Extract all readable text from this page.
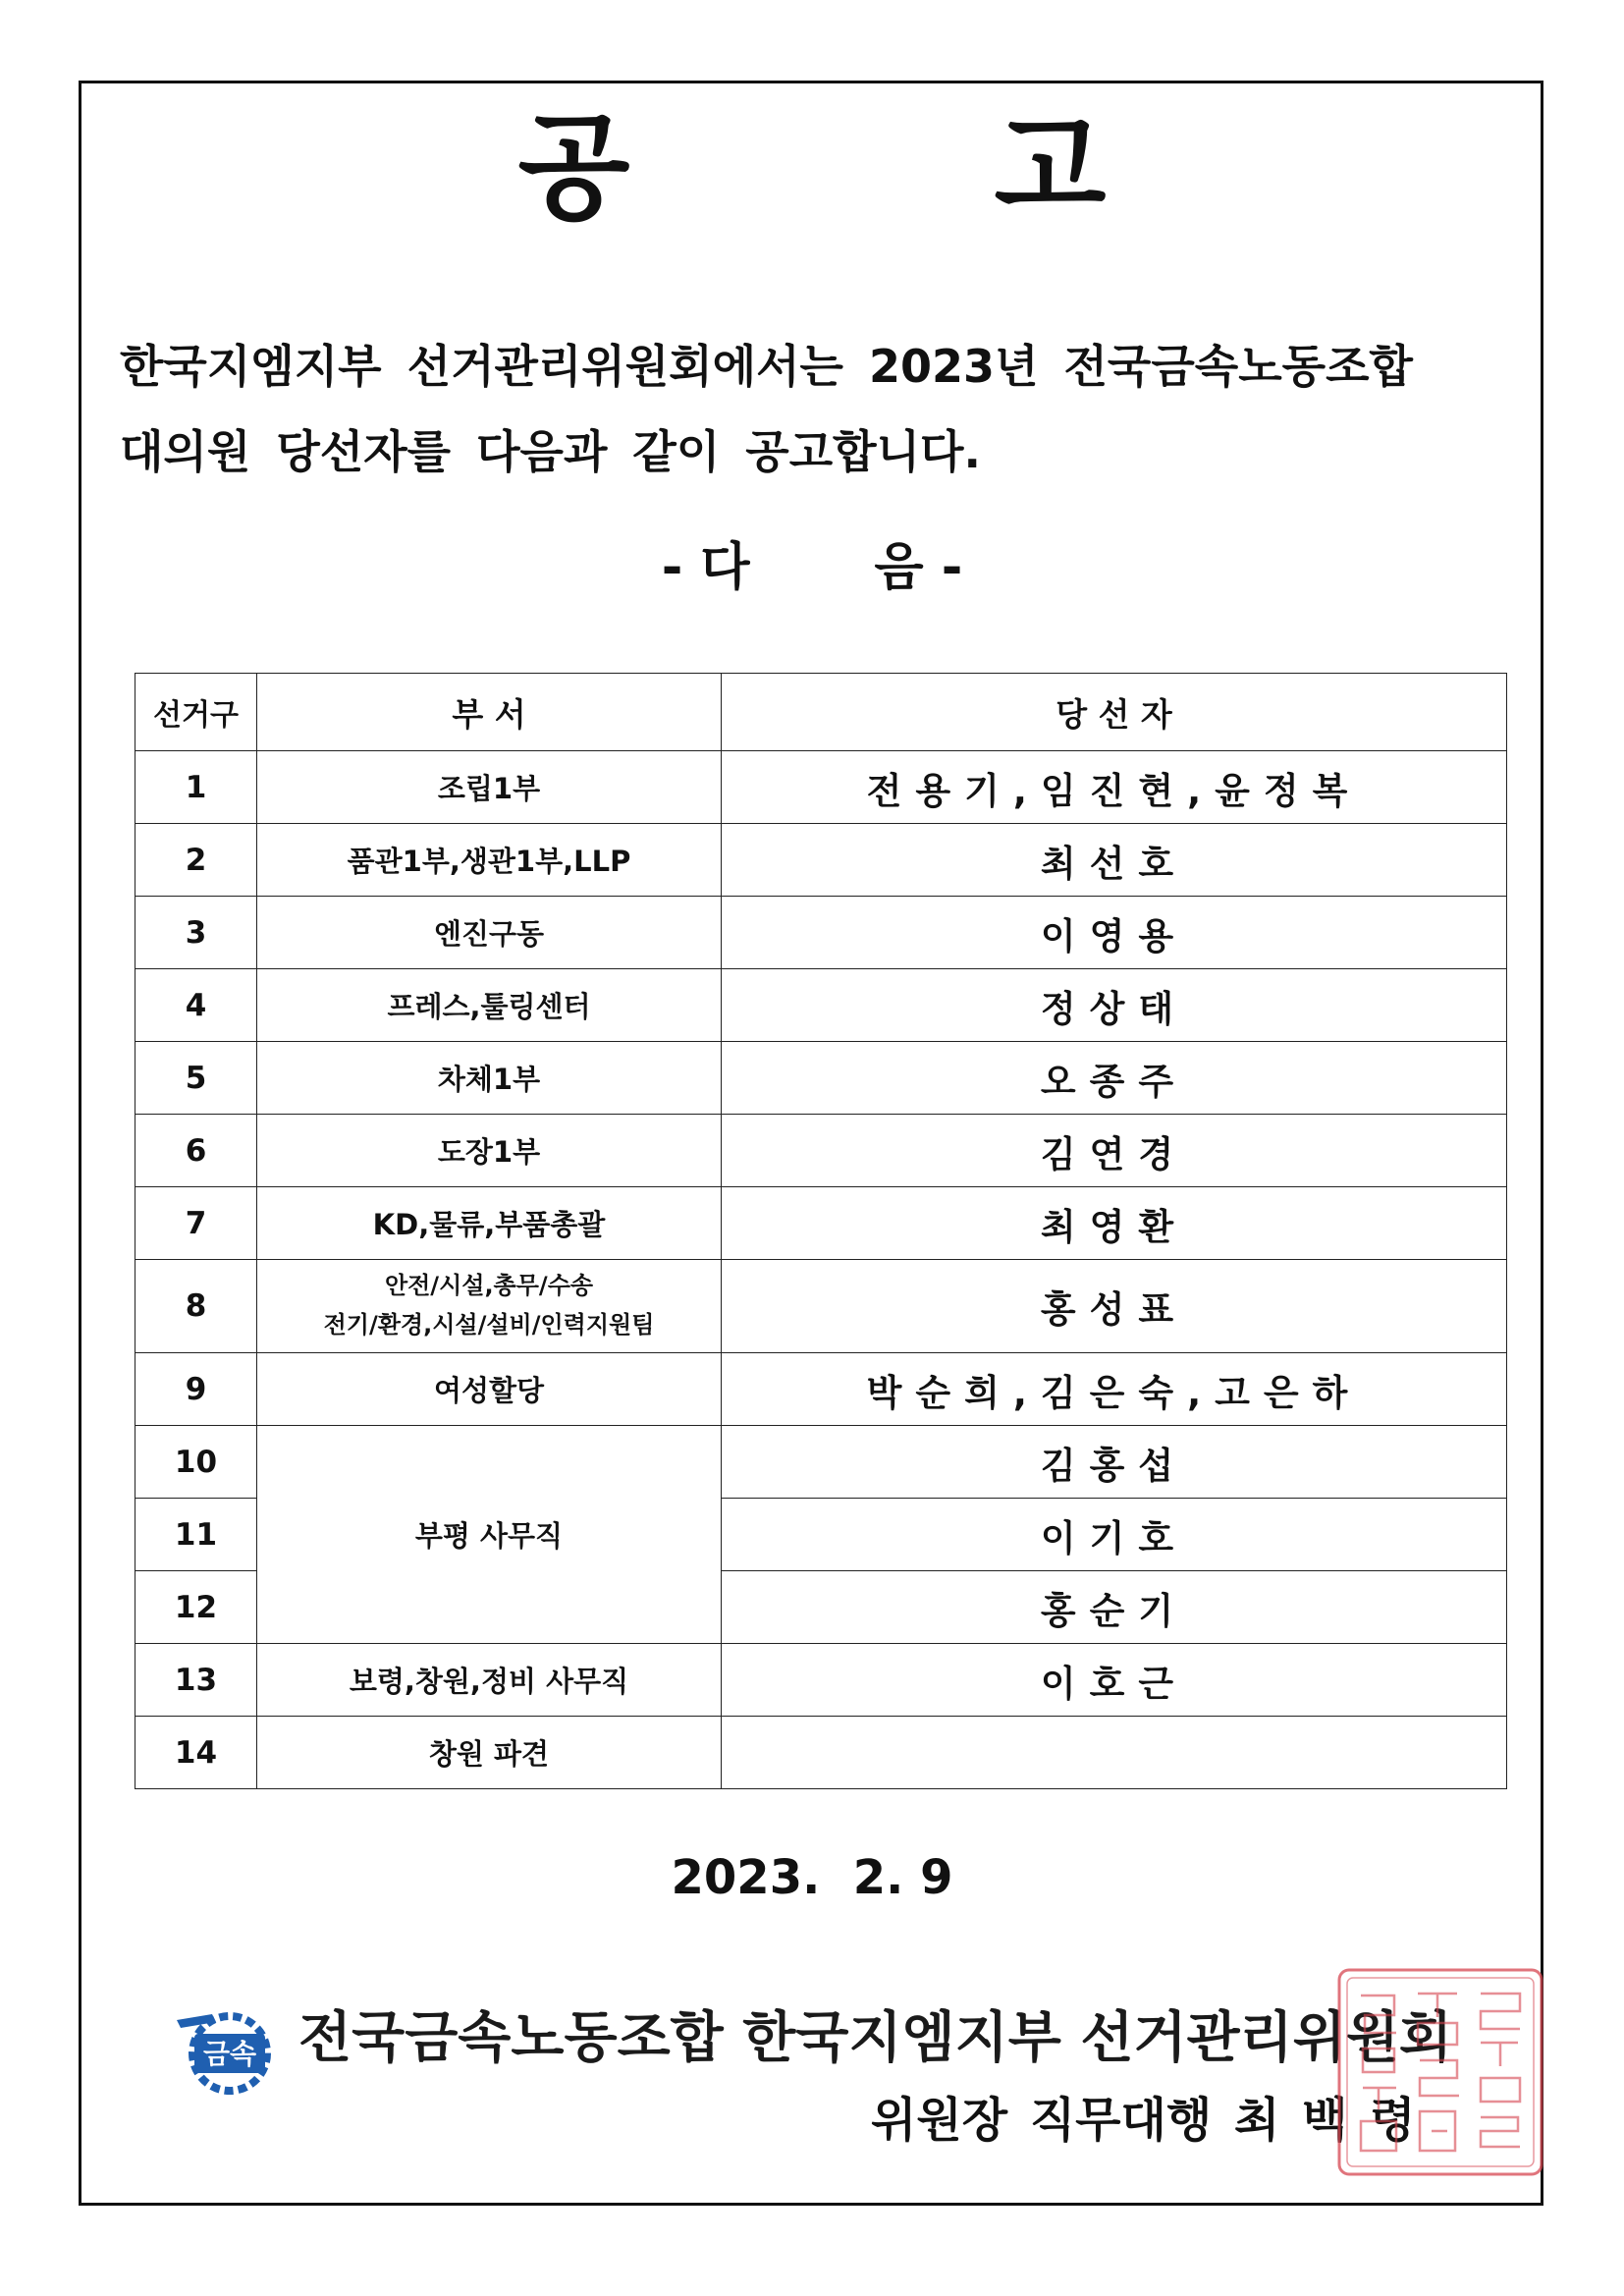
공 고
한국지엠지부 선거관리위원회에서는 2023년 전국금속노동조합
대의원 당선자를 다음과 같이 공고합니다.
- 다       음 -
선거구	부 서	당 선 자
1	조립1부	전용기,임진현,윤정복
2	품관1부,생관1부,LLP	최선호
3	엔진구동	이영용
4	프레스,툴링센터	정상태
5	차체1부	오종주
6	도장1부	김연경
7	KD,물류,부품총괄	최영환
8	안전/시설,총무/수송
전기/환경,시설/설비/인력지원팀	홍성표
9	여성할당	박순희,김은숙,고은하
10	부평 사무직	김홍섭
11		이기호
12		홍순기
13	보령,창원,정비 사무직	이호근
14	창원 파견	
2023.  2. 9
금속 전국금속노동조합 한국지엠지부 선거관리위원회
위원장 직무대행 최 백 령
